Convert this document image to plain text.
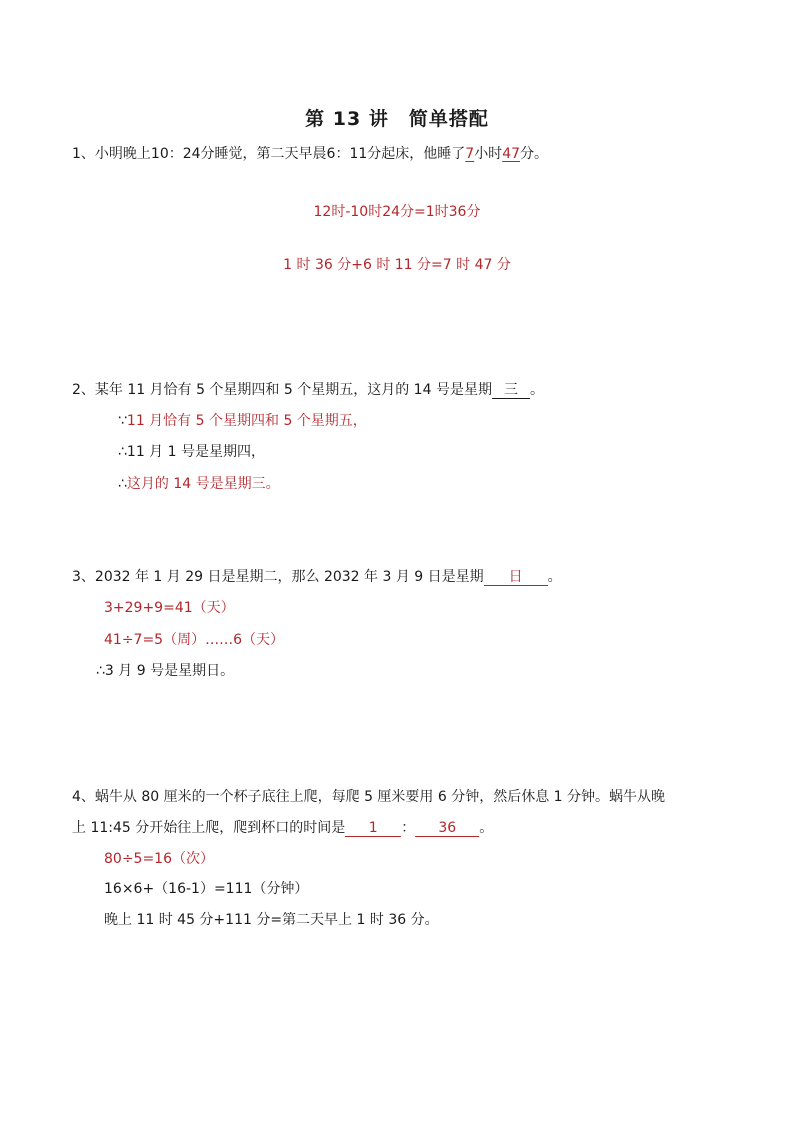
第 13 讲　简单搭配
1、小明晚上10：24分睡觉，第二天早晨6：11分起床，他睡了7小时47分。
12时-10时24分=1时36分
1 时 36 分+6 时 11 分=7 时 47 分
2、某年 11 月恰有 5 个星期四和 5 个星期五，这月的 14 号是星期 三 。
∵11 月恰有 5 个星期四和 5 个星期五，
∴11 月 1 号是星期四，
∴这月的 14 号是星期三。
3、2032 年 1 月 29 日是星期二，那么 2032 年 3 月 9 日是星期 日 。
3+29+9=41（天）
41÷7=5（周）……6（天）
∴3 月 9 号是星期日。
4、蜗牛从 80 厘米的一个杯子底往上爬，每爬 5 厘米要用 6 分钟，然后休息 1 分钟。蜗牛从晚
上 11:45 分开始往上爬，爬到杯口的时间是 1 ： 36 。
80÷5=16（次）
16×6+（16-1）=111（分钟）
晚上 11 时 45 分+111 分=第二天早上 1 时 36 分。
